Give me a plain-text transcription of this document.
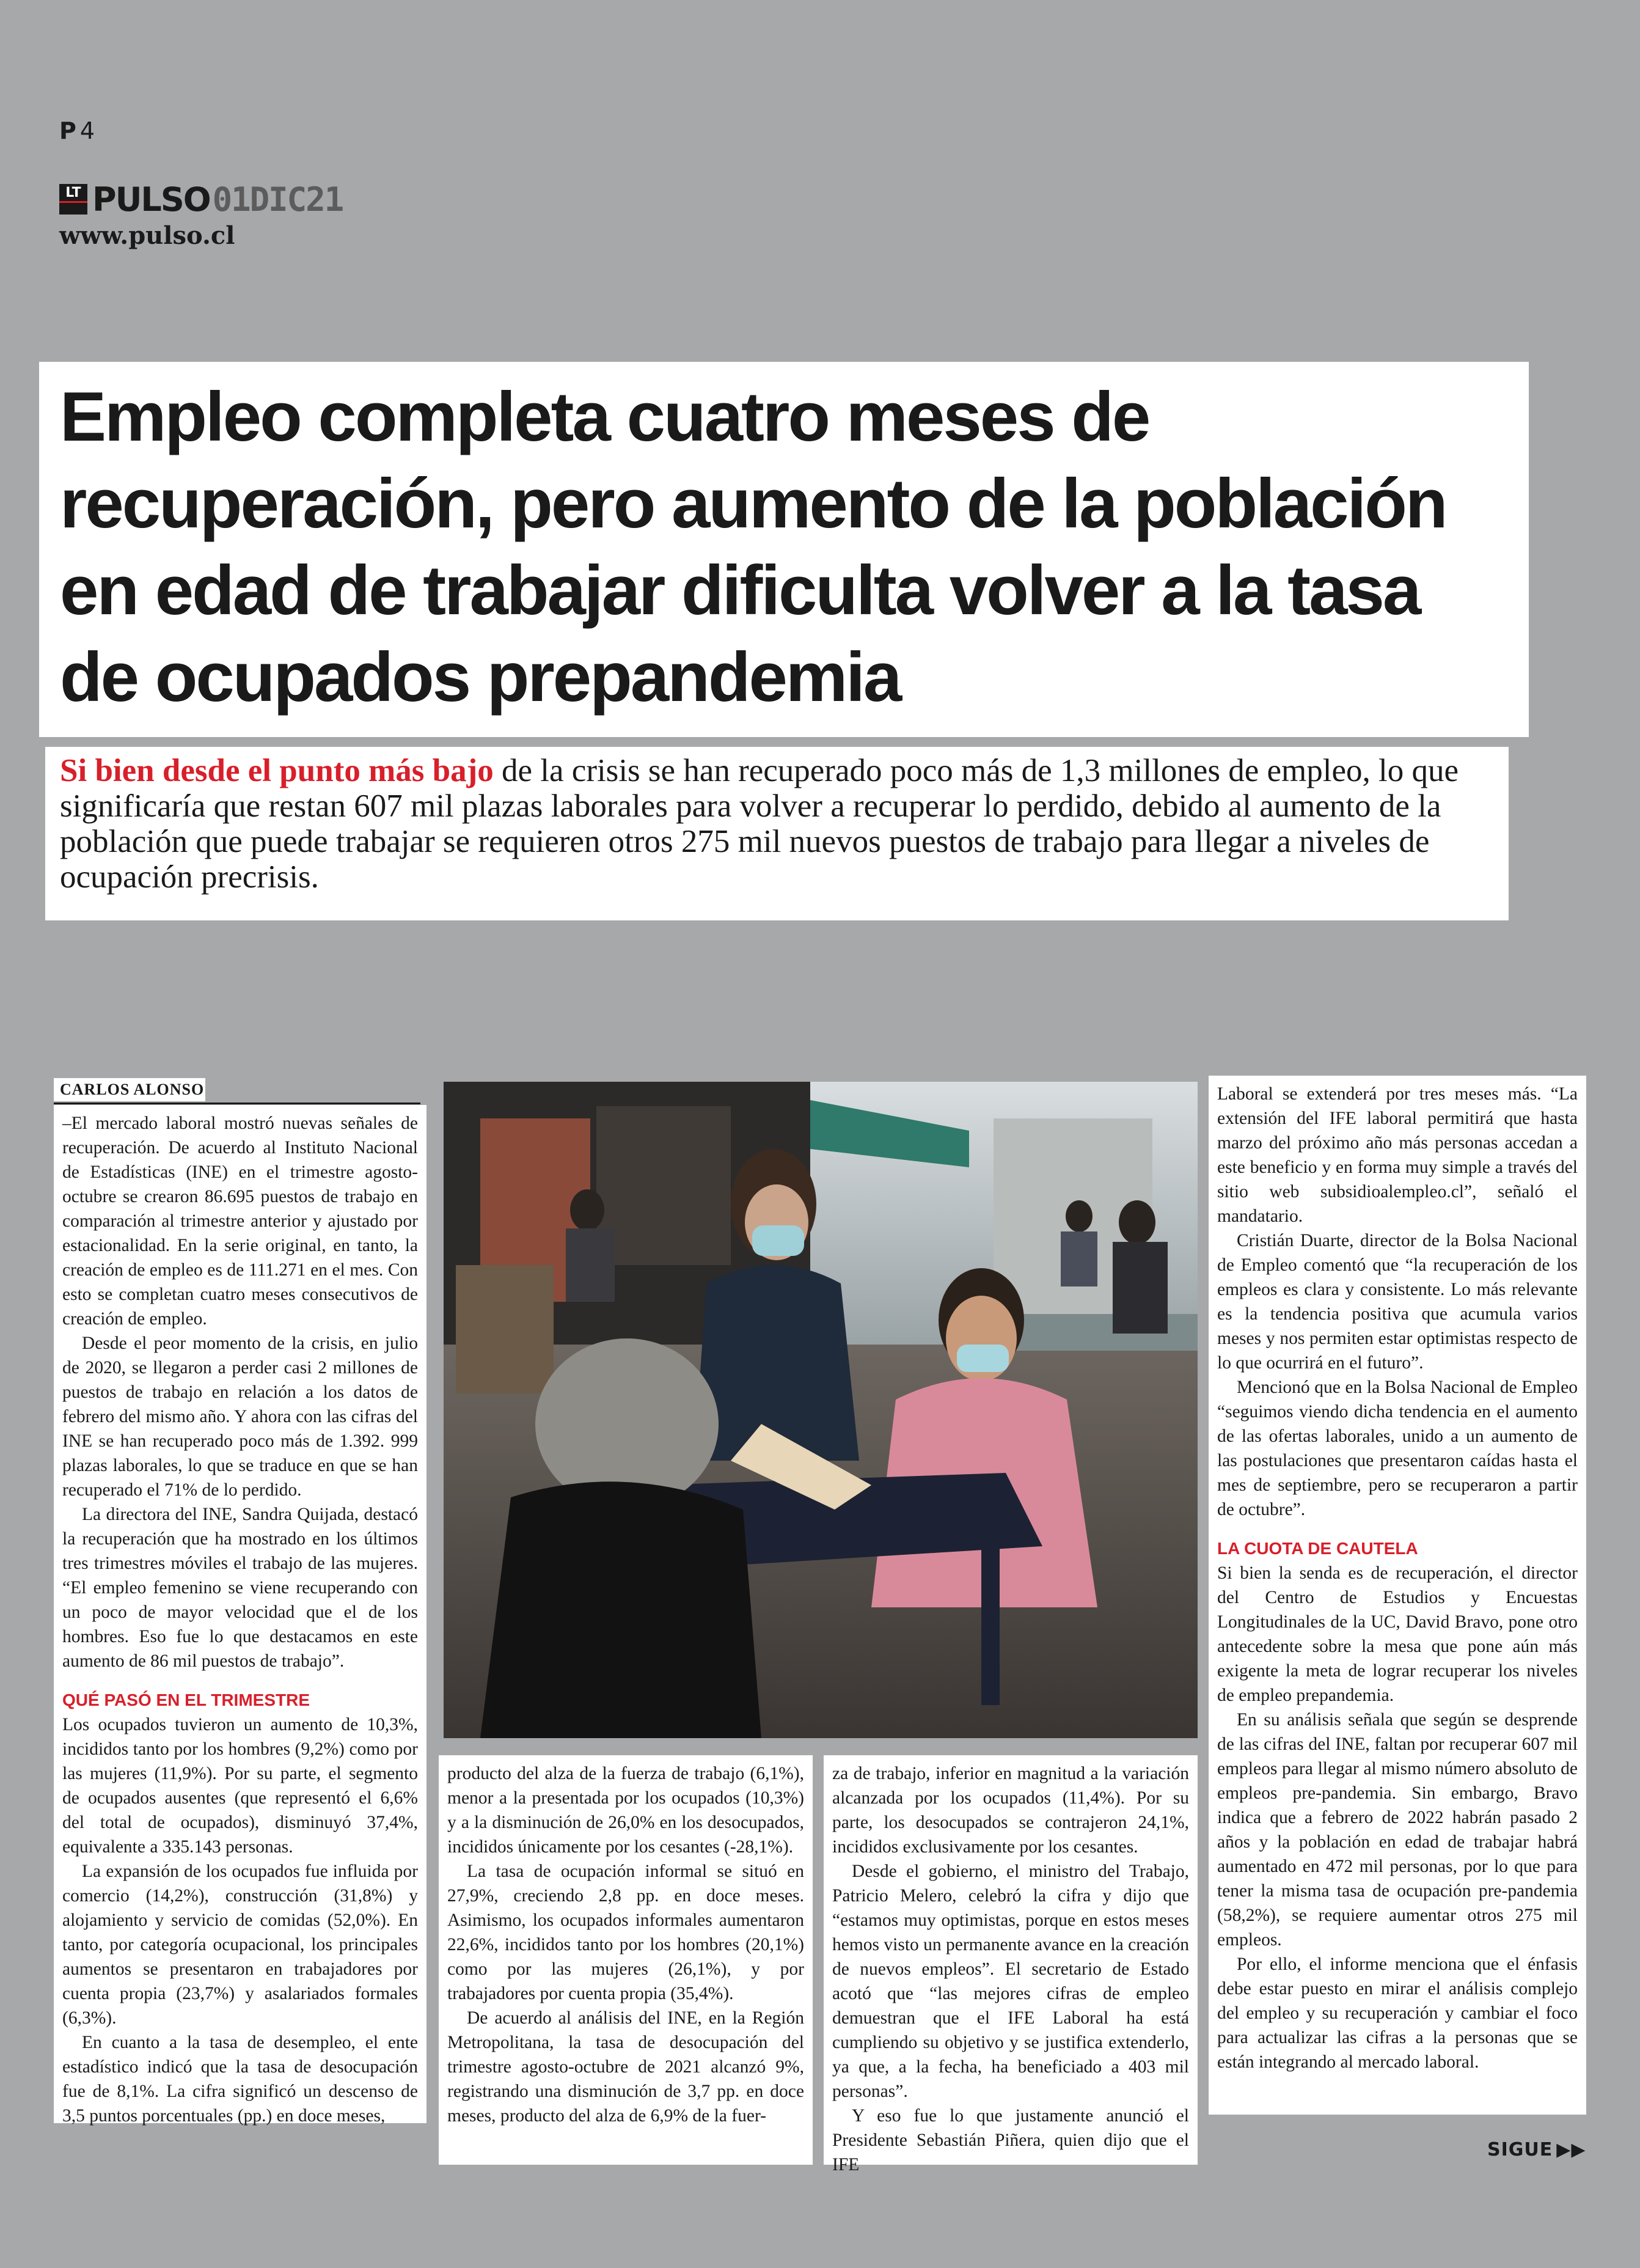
P 4
LT PULSO 01DIC21
www.pulso.cl
Empleo completa cuatro meses de recuperación, pero aumento de la población en edad de trabajar dificulta volver a la tasa de ocupados prepandemia

Si bien desde el punto más bajo de la crisis se han recuperado poco más de 1,3 millones de empleo, lo que significaría que restan 607 mil plazas laborales para volver a recuperar lo perdido, debido al aumento de la población que puede trabajar se requieren otros 275 mil nuevos puestos de trabajo para llegar a niveles de ocupación precrisis.

CARLOS ALONSO

–El mercado laboral mostró nuevas señales de recuperación. De acuerdo al Instituto Nacional de Estadísticas (INE) en el trimestre agosto-octubre se crearon 86.695 puestos de trabajo en comparación al trimestre anterior y ajustado por estacionalidad. En la serie original, en tanto, la creación de empleo es de 111.271 en el mes. Con esto se completan cuatro meses consecutivos de creación de empleo.

Desde el peor momento de la crisis, en julio de 2020, se llegaron a perder casi 2 millones de puestos de trabajo en relación a los datos de febrero del mismo año. Y ahora con las cifras del INE se han recuperado poco más de 1.392. 999 plazas laborales, lo que se traduce en que se han recuperado el 71% de lo perdido.

La directora del INE, Sandra Quijada, destacó la recuperación que ha mostrado en los últimos tres trimestres móviles el trabajo de las mujeres. “El empleo femenino se viene recuperando con un poco de mayor velocidad que el de los hombres. Eso fue lo que destacamos en este aumento de 86 mil puestos de trabajo”.

QUÉ PASÓ EN EL TRIMESTRE

Los ocupados tuvieron un aumento de 10,3%, incididos tanto por los hombres (9,2%) como por las mujeres (11,9%). Por su parte, el segmento de ocupados ausentes (que representó el 6,6% del total de ocupados), disminuyó 37,4%, equivalente a 335.143 personas.

La expansión de los ocupados fue influida por comercio (14,2%), construcción (31,8%) y alojamiento y servicio de comidas (52,0%). En tanto, por categoría ocupacional, los principales aumentos se presentaron en trabajadores por cuenta propia (23,7%) y asalariados formales (6,3%).

En cuanto a la tasa de desempleo, el ente estadístico indicó que la tasa de desocupación fue de 8,1%. La cifra significó un descenso de 3,5 puntos porcentuales (pp.) en doce meses,

producto del alza de la fuerza de trabajo (6,1%), menor a la presentada por los ocupados (10,3%) y a la disminución de 26,0% en los desocupados, incididos únicamente por los cesantes (-28,1%).

La tasa de ocupación informal se situó en 27,9%, creciendo 2,8 pp. en doce meses. Asimismo, los ocupados informales aumentaron 22,6%, incididos tanto por los hombres (20,1%) como por las mujeres (26,1%), y por trabajadores por cuenta propia (35,4%).

De acuerdo al análisis del INE, en la Región Metropolitana, la tasa de desocupación del trimestre agosto-octubre de 2021 alcanzó 9%, registrando una disminución de 3,7 pp. en doce meses, producto del alza de 6,9% de la fuer-

za de trabajo, inferior en magnitud a la variación alcanzada por los ocupados (11,4%). Por su parte, los desocupados se contrajeron 24,1%, incididos exclusivamente por los cesantes.

Desde el gobierno, el ministro del Trabajo, Patricio Melero, celebró la cifra y dijo que “estamos muy optimistas, porque en estos meses hemos visto un permanente avance en la creación de nuevos empleos”. El secretario de Estado acotó que “las mejores cifras de empleo demuestran que el IFE Laboral ha está cumpliendo su objetivo y se justifica extenderlo, ya que, a la fecha, ha beneficiado a 403 mil personas”.

Y eso fue lo que justamente anunció el Presidente Sebastián Piñera, quien dijo que el IFE

Laboral se extenderá por tres meses más. “La extensión del IFE laboral permitirá que hasta marzo del próximo año más personas accedan a este beneficio y en forma muy simple a través del sitio web subsidioalempleo.cl”, señaló el mandatario.

Cristián Duarte, director de la Bolsa Nacional de Empleo comentó que “la recuperación de los empleos es clara y consistente. Lo más relevante es la tendencia positiva que acumula varios meses y nos permiten estar optimistas respecto de lo que ocurrirá en el futuro”.

Mencionó que en la Bolsa Nacional de Empleo “seguimos viendo dicha tendencia en el aumento de las ofertas laborales, unido a un aumento de las postulaciones que presentaron caídas hasta el mes de septiembre, pero se recuperaron a partir de octubre”.

LA CUOTA DE CAUTELA

Si bien la senda es de recuperación, el director del Centro de Estudios y Encuestas Longitudinales de la UC, David Bravo, pone otro antecedente sobre la mesa que pone aún más exigente la meta de lograr recuperar los niveles de empleo prepandemia.

En su análisis señala que según se desprende de las cifras del INE, faltan por recuperar 607 mil empleos para llegar al mismo número absoluto de empleos pre-pandemia. Sin embargo, Bravo indica que a febrero de 2022 habrán pasado 2 años y la población en edad de trabajar habrá aumentado en 472 mil personas, por lo que para tener la misma tasa de ocupación pre-pandemia (58,2%), se requiere aumentar otros 275 mil empleos.

Por ello, el informe menciona que el énfasis debe estar puesto en mirar el análisis complejo del empleo y su recuperación y cambiar el foco para actualizar las cifras a la personas que se están integrando al mercado laboral.

SIGUE ▶▶
